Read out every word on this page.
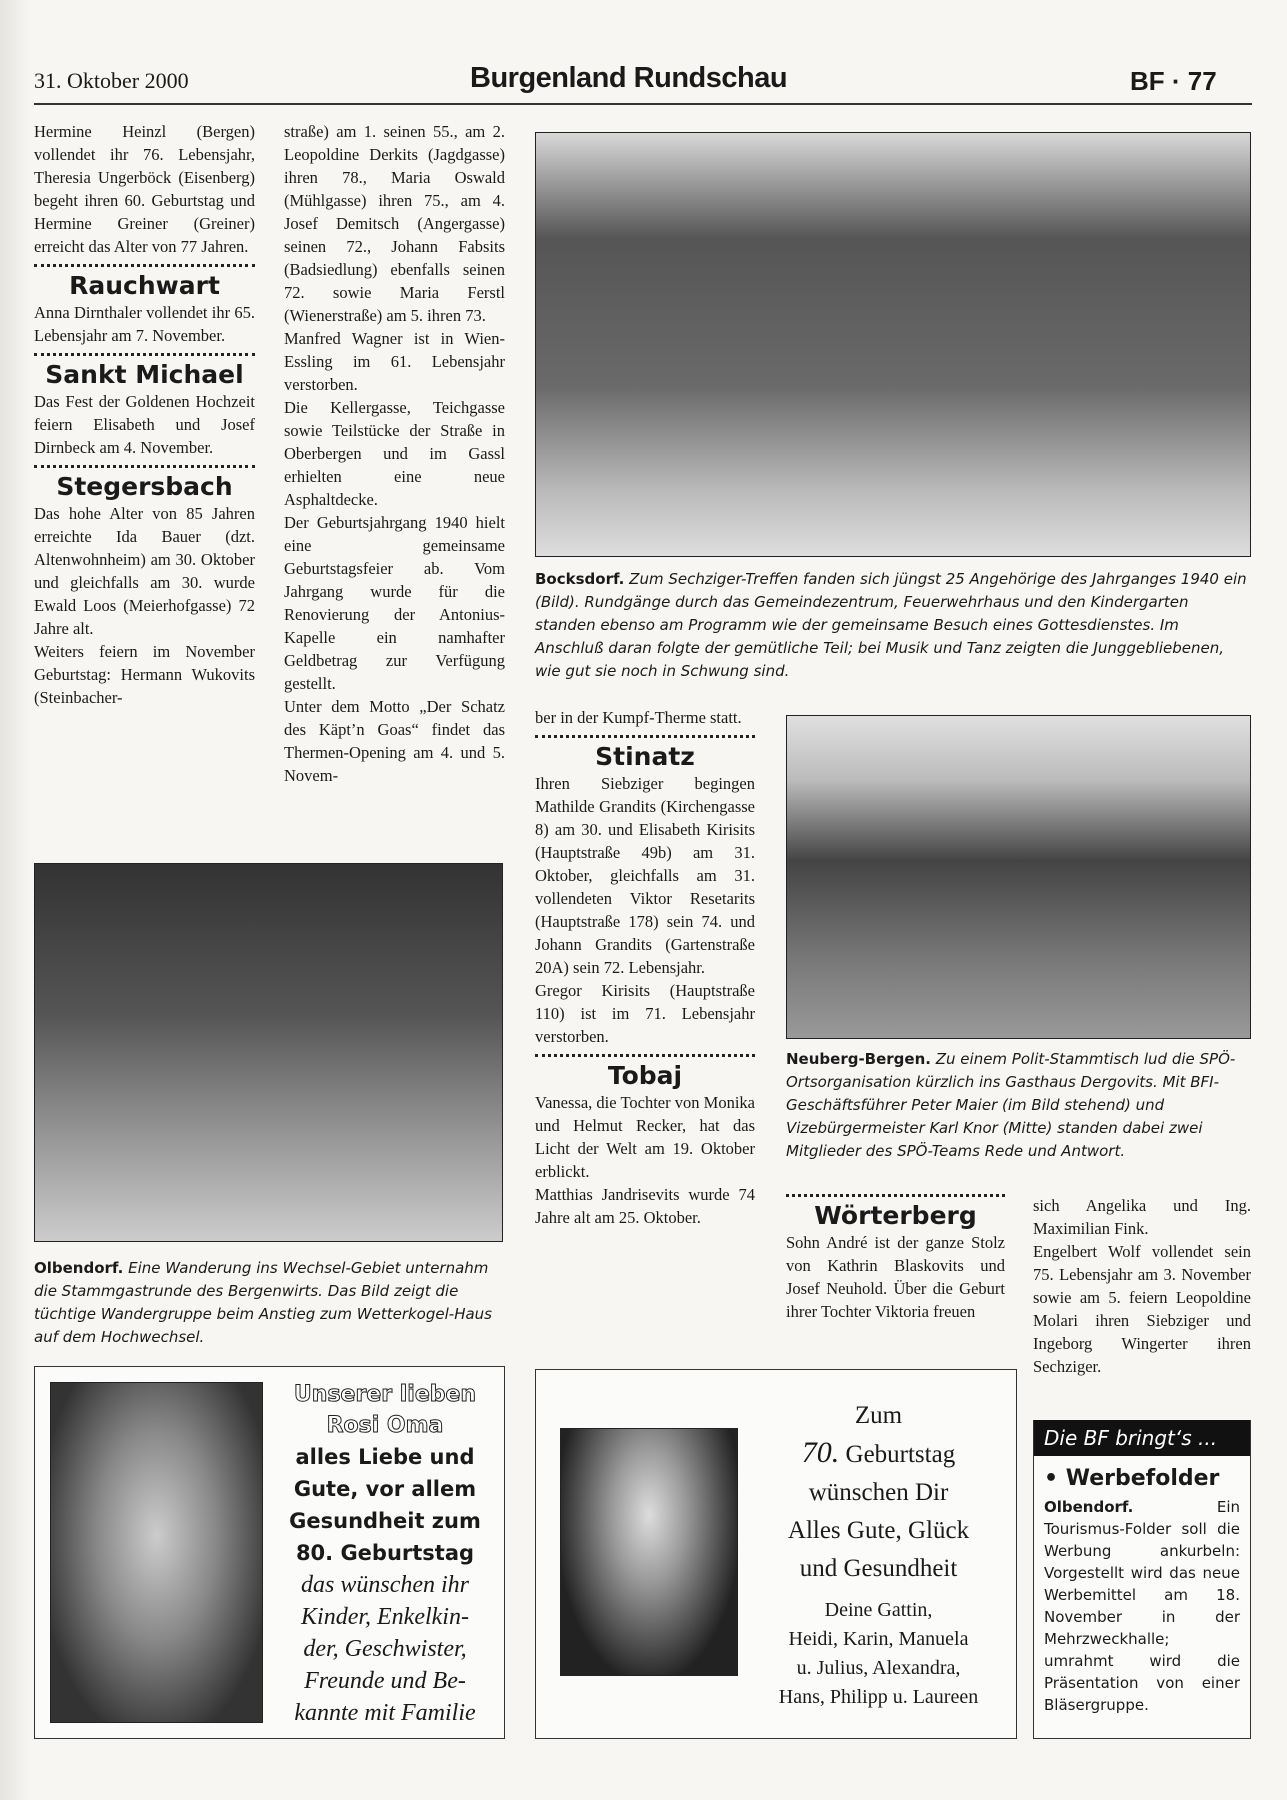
31. Oktober 2000	Burgenland Rundschau	BF · 77

Hermine Heinzl (Bergen) vollendet ihr 76. Lebensjahr, Theresia Ungerböck (Eisenberg) begeht ihren 60. Geburtstag und Hermine Greiner (Greiner) erreicht das Alter von 77 Jahren.

Rauchwart

Anna Dirnthaler vollendet ihr 65. Lebensjahr am 7. November.

Sankt Michael

Das Fest der Goldenen Hochzeit feiern Elisabeth und Josef Dirnbeck am 4. November.

Stegersbach

Das hohe Alter von 85 Jahren erreichte Ida Bauer (dzt. Altenwohnheim) am 30. Oktober und gleichfalls am 30. wurde Ewald Loos (Meierhofgasse) 72 Jahre alt.

Weiters feiern im November Geburtstag: Hermann Wukovits (Steinbacher-

straße) am 1. seinen 55., am 2. Leopoldine Derkits (Jagdgasse) ihren 78., Maria Oswald (Mühlgasse) ihren 75., am 4. Josef Demitsch (Angergasse) seinen 72., Johann Fabsits (Badsiedlung) ebenfalls seinen 72. sowie Maria Ferstl (Wienerstraße) am 5. ihren 73.

Manfred Wagner ist in Wien-Essling im 61. Lebensjahr verstorben.

Die Kellergasse, Teichgasse sowie Teilstücke der Straße in Oberbergen und im Gassl erhielten eine neue Asphaltdecke.

Der Geburtsjahrgang 1940 hielt eine gemeinsame Geburtstagsfeier ab. Vom Jahrgang wurde für die Renovierung der Antonius-Kapelle ein namhafter Geldbetrag zur Verfügung gestellt.

Unter dem Motto „Der Schatz des Käpt’n Goas“ findet das Thermen-Opening am 4. und 5. Novem-

Bocksdorf. Zum Sechziger-Treffen fanden sich jüngst 25 Angehörige des Jahrganges 1940 ein (Bild). Rundgänge durch das Gemeindezentrum, Feuerwehrhaus und den Kindergarten standen ebenso am Programm wie der gemeinsame Besuch eines Gottesdienstes. Im Anschluß daran folgte der gemütliche Teil; bei Musik und Tanz zeigten die Junggebliebenen, wie gut sie noch in Schwung sind.
Olbendorf. Eine Wanderung ins Wechsel-Gebiet unternahm die Stammgastrunde des Bergenwirts. Das Bild zeigt die tüchtige Wandergruppe beim Anstieg zum Wetterkogel-Haus auf dem Hochwechsel.

ber in der Kumpf-Therme statt.

Stinatz

Ihren Siebziger begingen Mathilde Grandits (Kirchengasse 8) am 30. und Elisabeth Kirisits (Hauptstraße 49b) am 31. Oktober, gleichfalls am 31. vollendeten Viktor Resetarits (Hauptstraße 178) sein 74. und Johann Grandits (Gartenstraße 20A) sein 72. Lebensjahr.

Gregor Kirisits (Hauptstraße 110) ist im 71. Lebensjahr verstorben.

Tobaj

Vanessa, die Tochter von Monika und Helmut Recker, hat das Licht der Welt am 19. Oktober erblickt.

Matthias Jandrisevits wurde 74 Jahre alt am 25. Oktober.

Neuberg-Bergen. Zu einem Polit-Stammtisch lud die SPÖ-Ortsorganisation kürzlich ins Gasthaus Dergovits. Mit BFI-Geschäftsführer Peter Maier (im Bild stehend) und Vizebürgermeister Karl Knor (Mitte) standen dabei zwei Mitglieder des SPÖ-Teams Rede und Antwort.
Wörterberg

Sohn André ist der ganze Stolz von Kathrin Blaskovits und Josef Neuhold. Über die Geburt ihrer Tochter Viktoria freuen

sich Angelika und Ing. Maximilian Fink.

Engelbert Wolf vollendet sein 75. Lebensjahr am 3. November sowie am 5. feiern Leopoldine Molari ihren Siebziger und Ingeborg Wingerter ihren Sechziger.

Unserer lieben
Rosi Oma
alles Liebe und
Gute, vor allem
Gesundheit zum
80. Geburtstag
das wünschen ihr
Kinder, Enkelkin-
der, Geschwister,
Freunde und Be-
kannte mit Familie
Zum
70. Geburtstag
wünschen Dir
Alles Gute, Glück
und Gesundheit
Deine Gattin,
Heidi, Karin, Manuela
u. Julius, Alexandra,
Hans, Philipp u. Laureen
Die BF bringt‘s ...
• Werbefolder
Olbendorf.	Ein Tourismus-Folder soll die Werbung ankurbeln: Vorgestellt wird das neue Werbemittel am 18. November in der Mehrzweckhalle; umrahmt wird die Präsentation von einer Bläsergruppe.
